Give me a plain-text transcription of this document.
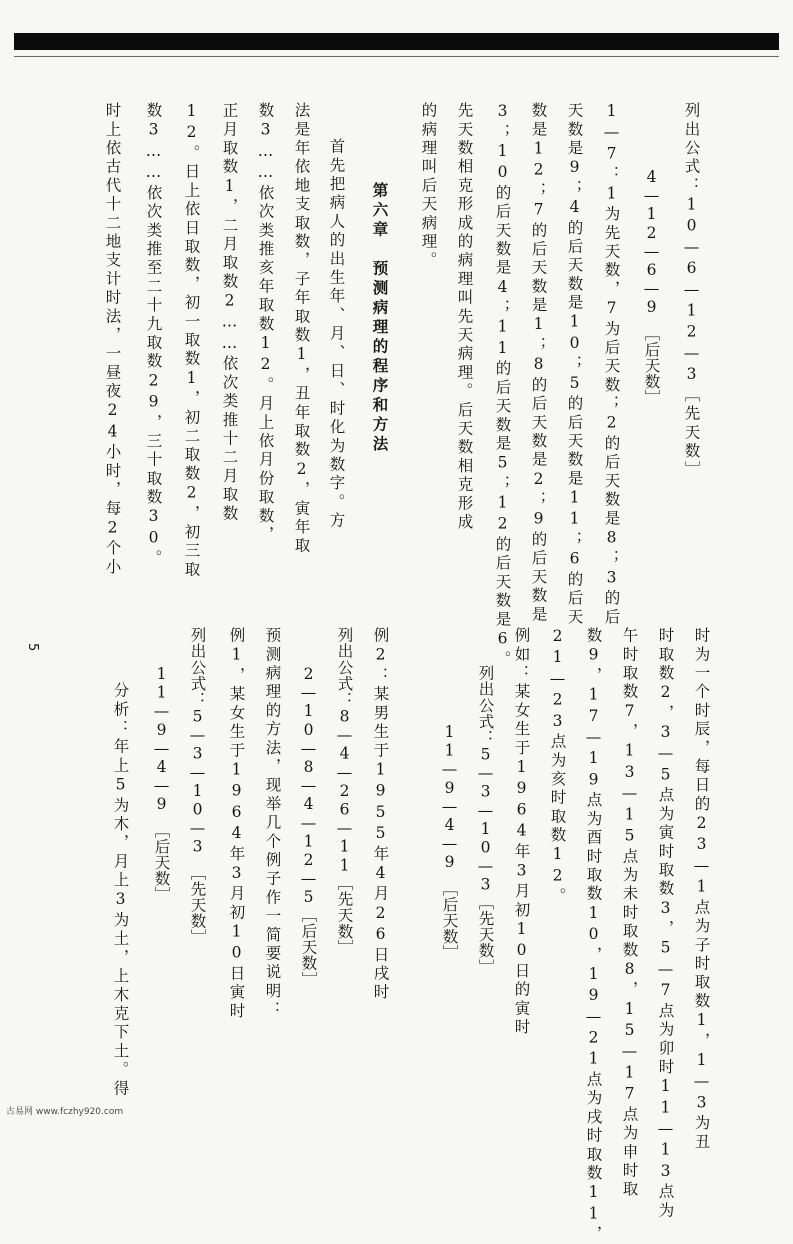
列出公式：10—6—12—3［先天数］
4—12—6—9　［后天数］
1—7：1为先天数，7为后天数；2的后天数是8；3的后
天数是9；4的后天数是10；5的后天数是11；6的后天
数是12；7的后天数是1；8的后天数是2；9的后天数是
3；10的后天数是4；11的后天数是5；12的后天数是6。
先天数相克形成的病理叫先天病理。后天数相克形成
的病理叫后天病理。
第六章　预测病理的程序和方法
首先把病人的出生年、月、日、时化为数字。方
法是年依地支取数，子年取数1，丑年取数2，寅年取
数3……依次类推亥年取数12。月上依月份取数，
正月取数1，二月取数2……依次类推十二月取数
12。日上依日取数，初一取数1，初二取数2，初三取
数3……依次类推至二十九取数29，三十取数30。
时上依古代十二地支计时法，一昼夜24小时，每2个小
时为一个时辰，每日的23—1点为子时取数1，1—3为丑
时取数2，3—5点为寅时取数3，5—7点为卯时11—13点为
午时取数7，13—15点为未时取数8，15—17点为申时取
数9，17—19点为酉时取数10，19—21点为戌时取数11，
21—23点为亥时取数12。
例如：某女生于1964年3月初10日的寅时
列出公式：5—3—10—3［先天数］
11—9—4—9　［后天数］
例2：某男生于1955年4月26日戌时
列出公式：8—4—26—11［先天数］
2—10—8—4—12—5［后天数］
预测病理的方法，现举几个例子作一简要说明：
例1，某女生于1964年3月初10日寅时
列出公式：5—3—10—3　［先天数］
11—9—4—9　［后天数］
分析：年上5为木，月上3为土，上木克下土。得
5
古易网 www.fczhy920.com
